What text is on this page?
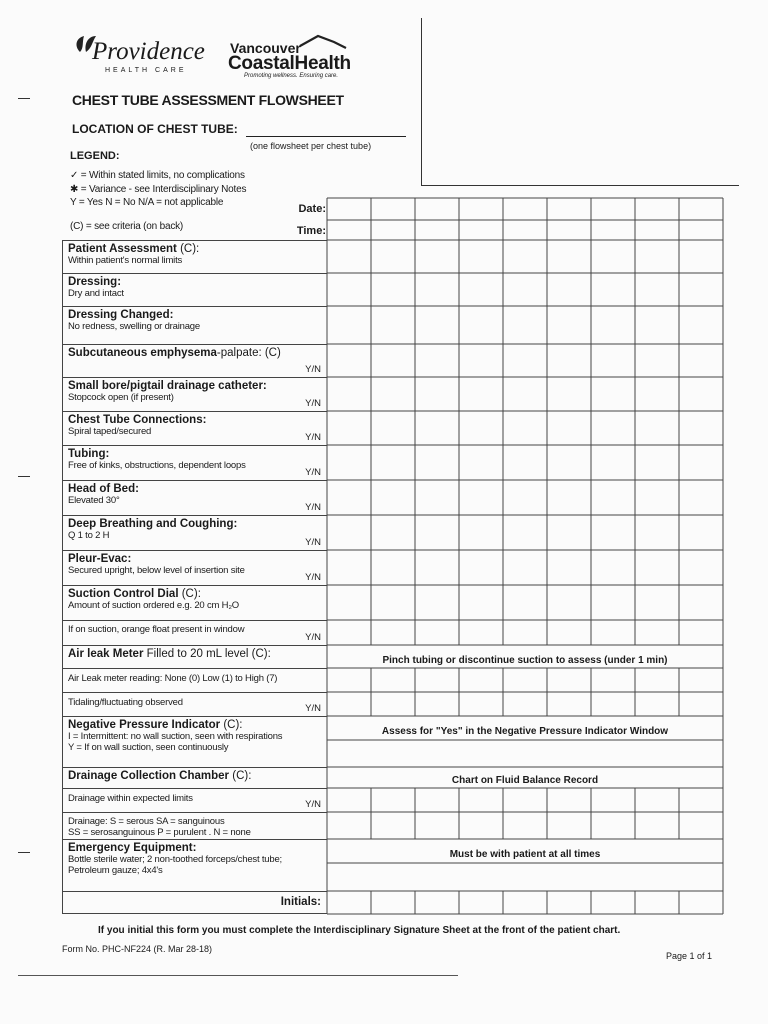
Providence
HEALTH CARE
Vancouver
CoastalHealth
Promoting wellness. Ensuring care.
CHEST TUBE ASSESSMENT FLOWSHEET
LOCATION OF CHEST TUBE:
(one flowsheet per chest tube)
LEGEND:
✓ = Within stated limits, no complications
✱ = Variance - see Interdisciplinary Notes
Y = Yes N = No N/A = not applicable
(C) = see criteria (on back)
Date:
Time:
Patient Assessment (C):
Within patient's normal limits
Dressing:
Dry and intact
Dressing Changed:
No redness, swelling or drainage
Subcutaneous emphysema-palpate: (C)
Y/N
Small bore/pigtail drainage catheter:
Stopcock open (if present)
Y/N
Chest Tube Connections:
Spiral taped/secured
Y/N
Tubing:
Free of kinks, obstructions, dependent loops
Y/N
Head of Bed:
Elevated 30°
Y/N
Deep Breathing and Coughing:
Q 1 to 2 H
Y/N
Pleur-Evac:
Secured upright, below level of insertion site
Y/N
Suction Control Dial (C):
Amount of suction ordered e.g. 20 cm H₂O
If on suction, orange float present in window
Y/N
Air leak Meter Filled to 20 mL level (C):
Air Leak meter reading: None (0) Low (1) to High (7)
Tidaling/fluctuating observed
Y/N
Negative Pressure Indicator (C):
I = Intermittent: no wall suction, seen with respirations
Y = If on wall suction, seen continuously
Drainage Collection Chamber (C):
Drainage within expected limits
Y/N
Drainage: S = serous SA = sanguinous
SS = serosanguinous P = purulent . N = none
Emergency Equipment:
Bottle sterile water; 2 non-toothed forceps/chest tube;
Petroleum gauze; 4x4's
Initials:
Pinch tubing or discontinue suction to assess (under 1 min)
Assess for "Yes" in the Negative Pressure Indicator Window
Chart on Fluid Balance Record
Must be with patient at all times
If you initial this form you must complete the Interdisciplinary Signature Sheet at the front of the patient chart.
Form No. PHC-NF224 (R. Mar 28-18)
Page 1 of 1
